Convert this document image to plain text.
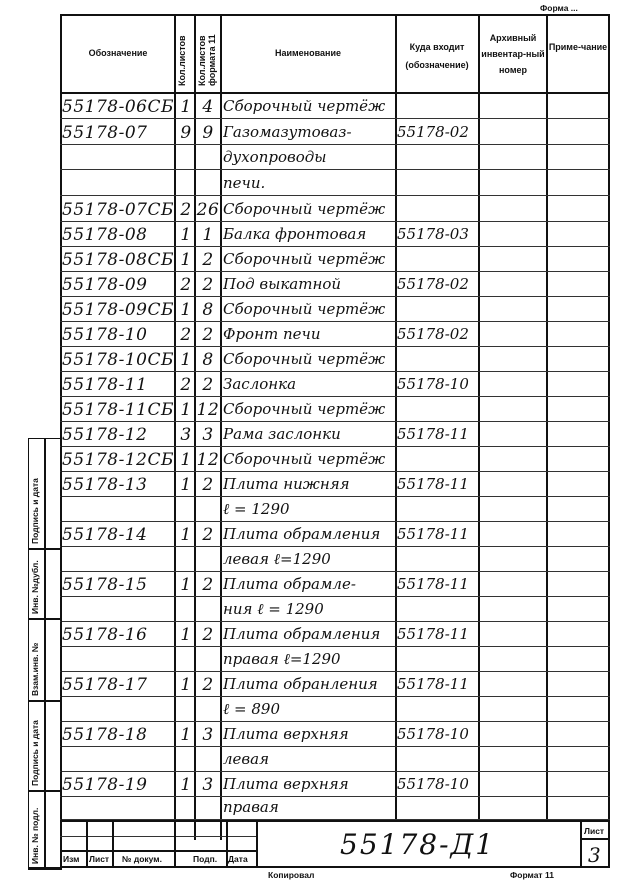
Форма ...
Обозначение	Кол.листов Кол.листов формата 11	Наименование
Куда входит (обозначение)
Архивный инвентар-ный номер
Приме-чание
55178-06СБ 1 4 Сборочный чертёж
55178-07	9 9 Газомазутоваз-	55178-02
духопроводы
печи.
55178-07СБ 2 26 Сборочный чертёж
55178-08	1 1 Балка фронтовая	55178-03
55178-08СБ 1 2 Сборочный чертёж
55178-09	2 2 Под выкатной	55178-02
55178-09СБ 1 8 Сборочный чертёж
55178-10	2 2 Фронт печи	55178-02
55178-10СБ 1 8 Сборочный чертёж
55178-11	2 2 Заслонка	55178-10
55178-11СБ 1 12 Сборочный чертёж
55178-12	3 3 Рама заслонки	55178-11
55178-12СБ 1 12 Сборочный чертёж
55178-13	1 2 Плита нижняя	55178-11
ℓ = 1290
55178-14	1 2 Плита обрамления	55178-11
левая ℓ=1290
55178-15	1 2 Плита обрамле-	55178-11
ния ℓ = 1290
55178-16	1 2 Плита обрамления	55178-11
правая ℓ=1290
55178-17	1 2 Плита обранления	55178-11
ℓ = 890
55178-18	1 3 Плита верхняя	55178-10
левая
55178-19	1 3 Плита верхняя	55178-10
правая
Подпись и дата
Инв. №дубл.
Взам.инв. №
Подпись и дата
Инв. № подл.	Изм Лист № докум.	Подп. Дата	55178-Д1	Лист
3
Копировал	Формат 11
